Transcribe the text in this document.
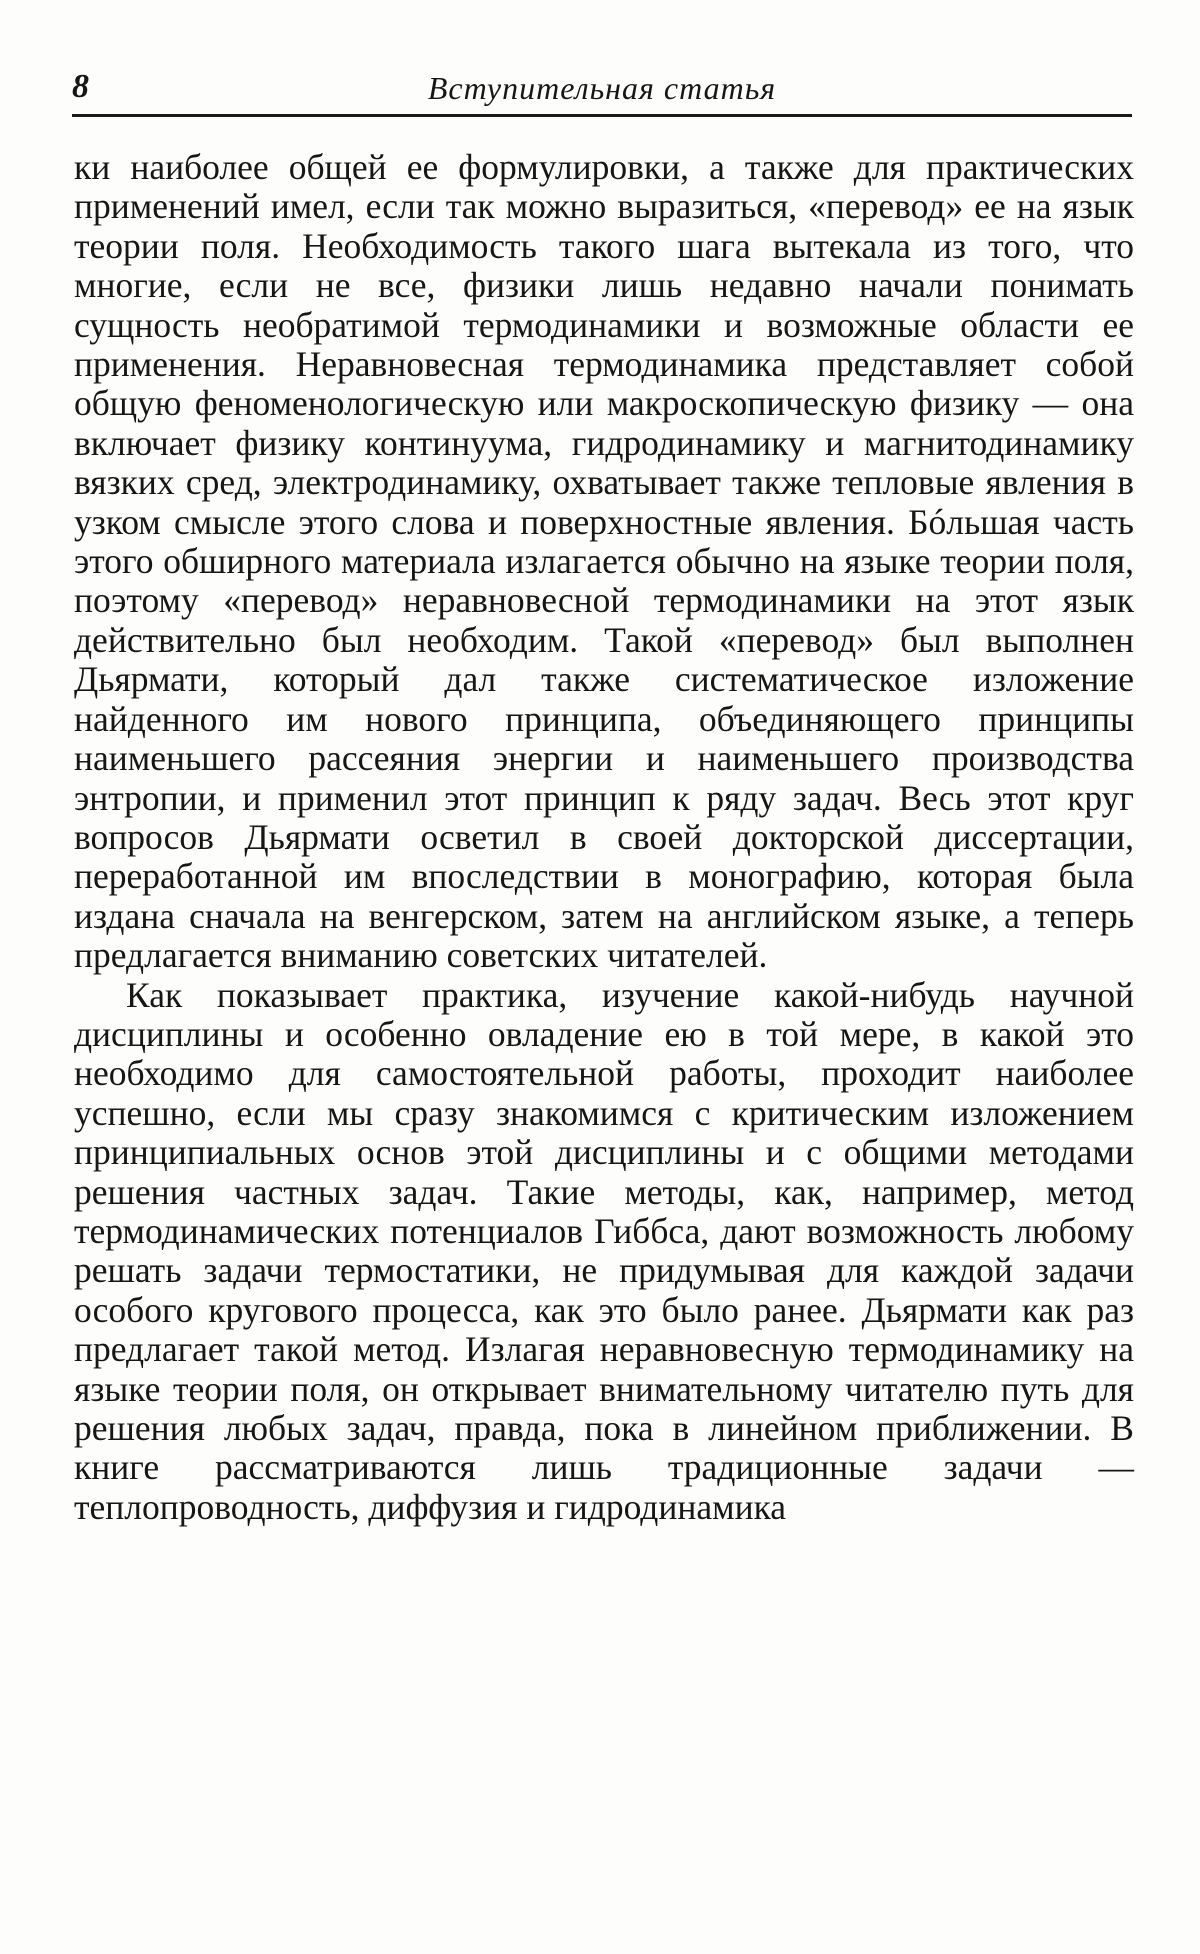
8	Вступительная статья

ки наиболее общей ее формулировки, а также для практических применений имел, если так можно выразиться, «перевод» ее на язык теории поля. Необходимость такого шага вытекала из того, что многие, если не все, физики лишь недавно начали понимать сущность необратимой термодинамики и возможные области ее применения. Неравновесная термодинамика представляет собой общую феноменологическую или макроскопическую физику — она включает физику континуума, гидродинамику и магнитодинамику вязких сред, электродинамику, охватывает также тепловые явления в узком смысле этого слова и поверхностные явления. Бóльшая часть этого обширного материала излагается обычно на языке теории поля, поэтому «перевод» неравновесной термодинамики на этот язык действительно был необходим. Такой «перевод» был выполнен Дьярмати, который дал также систематическое изложение найденного им нового принципа, объединяющего принципы наименьшего рассеяния энергии и наименьшего производства энтропии, и применил этот принцип к ряду задач. Весь этот круг вопросов Дьярмати осветил в своей докторской диссертации, переработанной им впоследствии в монографию, которая была издана сначала на венгерском, затем на английском языке, а теперь предлагается вниманию советских читателей.

Как показывает практика, изучение какой-нибудь научной дисциплины и особенно овладение ею в той мере, в какой это необходимо для самостоятельной работы, проходит наиболее успешно, если мы сразу знакомимся с критическим изложением принципиальных основ этой дисциплины и с общими методами решения частных задач. Такие методы, как, например, метод термодинамических потенциалов Гиббса, дают возможность любому решать задачи термостатики, не придумывая для каждой задачи особого кругового процесса, как это было ранее. Дьярмати как раз предлагает такой метод. Излагая неравновесную термодинамику на языке теории поля, он открывает внимательному читателю путь для решения любых задач, правда, пока в линейном приближении. В книге рассматриваются лишь традиционные задачи — теплопроводность, диффузия и гидродинамика
